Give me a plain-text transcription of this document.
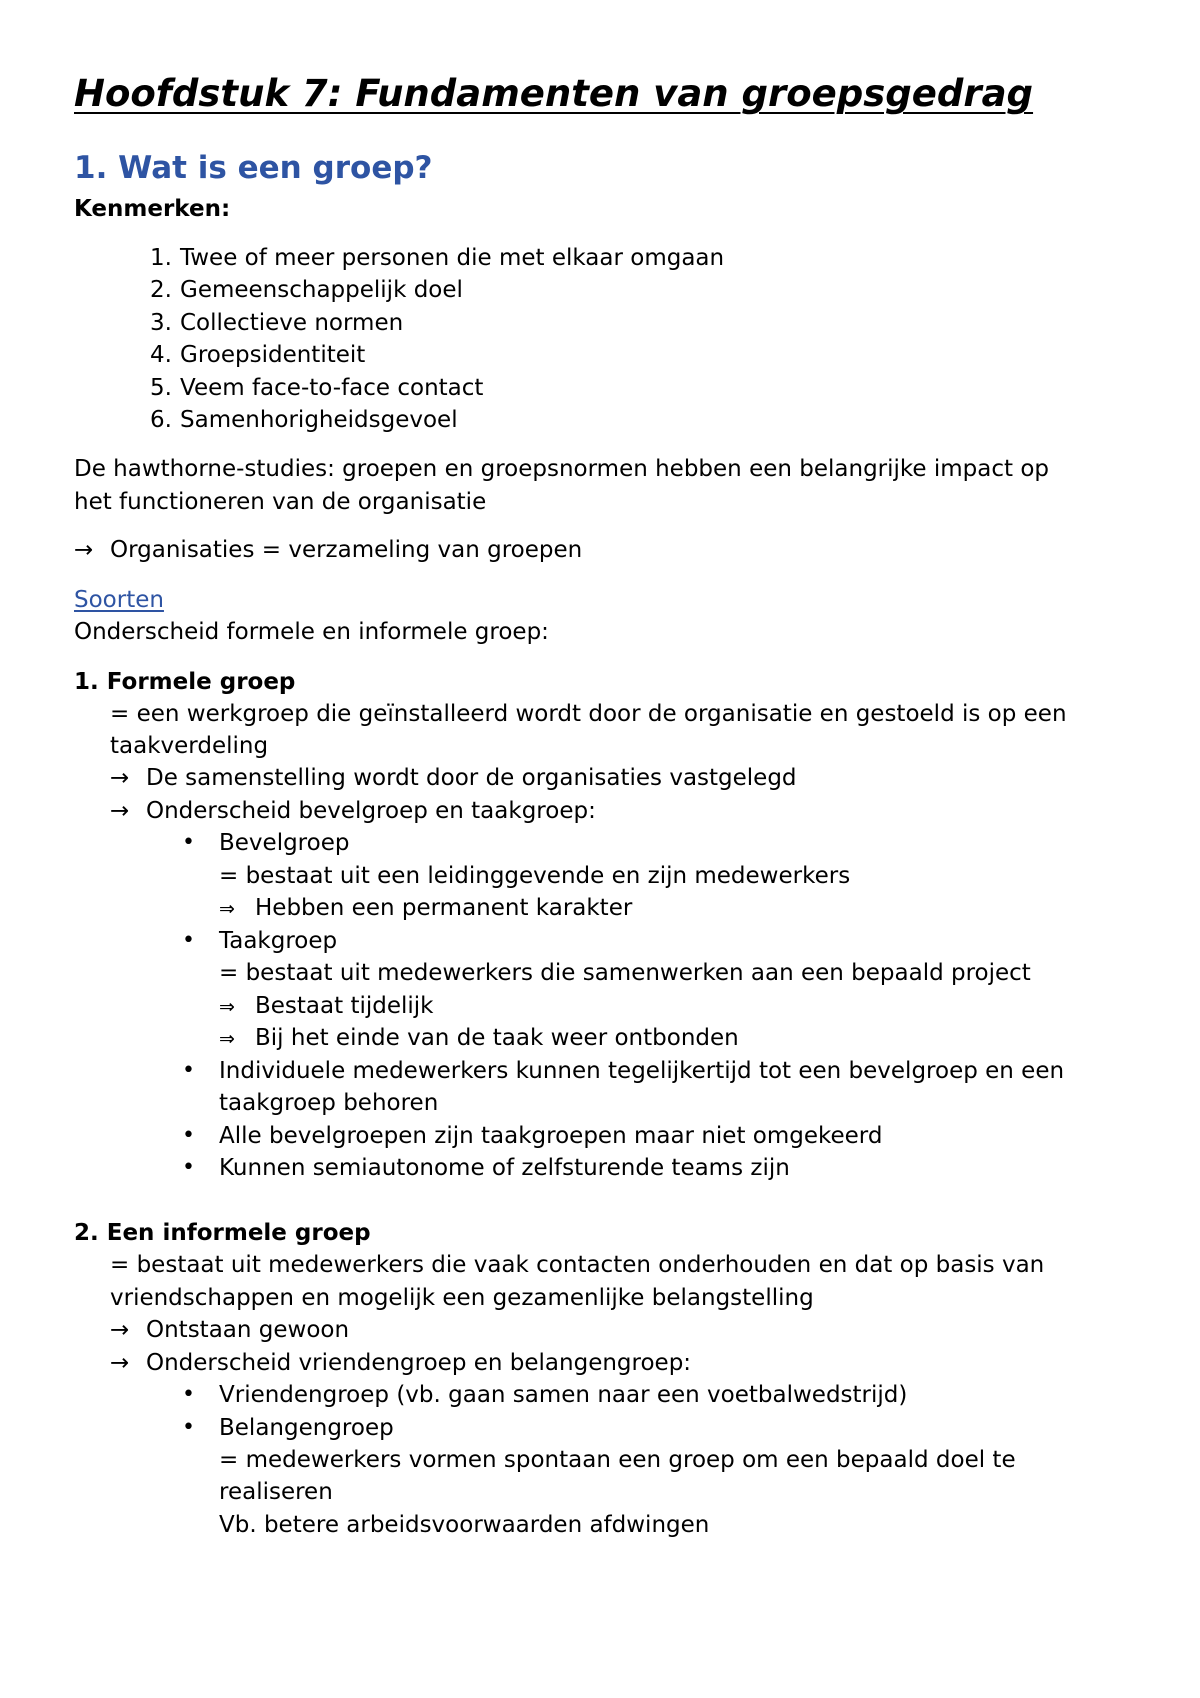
Hoofdstuk 7: Fundamenten van groepsgedrag
1. Wat is een groep?
Kenmerken:
1. Twee of meer personen die met elkaar omgaan
2. Gemeenschappelijk doel
3. Collectieve normen
4. Groepsidentiteit
5. Veem face-to-face contact
6. Samenhorigheidsgevoel
De hawthorne-studies: groepen en groepsnormen hebben een belangrijke impact op
het functioneren van de organisatie
→ Organisaties = verzameling van groepen
Soorten
Onderscheid formele en informele groep:
1. Formele groep
= een werkgroep die geïnstalleerd wordt door de organisatie en gestoeld is op een
taakverdeling
→ De samenstelling wordt door de organisaties vastgelegd
→ Onderscheid bevelgroep en taakgroep:
• Bevelgroep
= bestaat uit een leidinggevende en zijn medewerkers
⇒ Hebben een permanent karakter
• Taakgroep
= bestaat uit medewerkers die samenwerken aan een bepaald project
⇒ Bestaat tijdelijk
⇒ Bij het einde van de taak weer ontbonden
• Individuele medewerkers kunnen tegelijkertijd tot een bevelgroep en een
taakgroep behoren
• Alle bevelgroepen zijn taakgroepen maar niet omgekeerd
• Kunnen semiautonome of zelfsturende teams zijn
2. Een informele groep
= bestaat uit medewerkers die vaak contacten onderhouden en dat op basis van
vriendschappen en mogelijk een gezamenlijke belangstelling
→ Ontstaan gewoon
→ Onderscheid vriendengroep en belangengroep:
• Vriendengroep (vb. gaan samen naar een voetbalwedstrijd)
• Belangengroep
= medewerkers vormen spontaan een groep om een bepaald doel te
realiseren
Vb. betere arbeidsvoorwaarden afdwingen
